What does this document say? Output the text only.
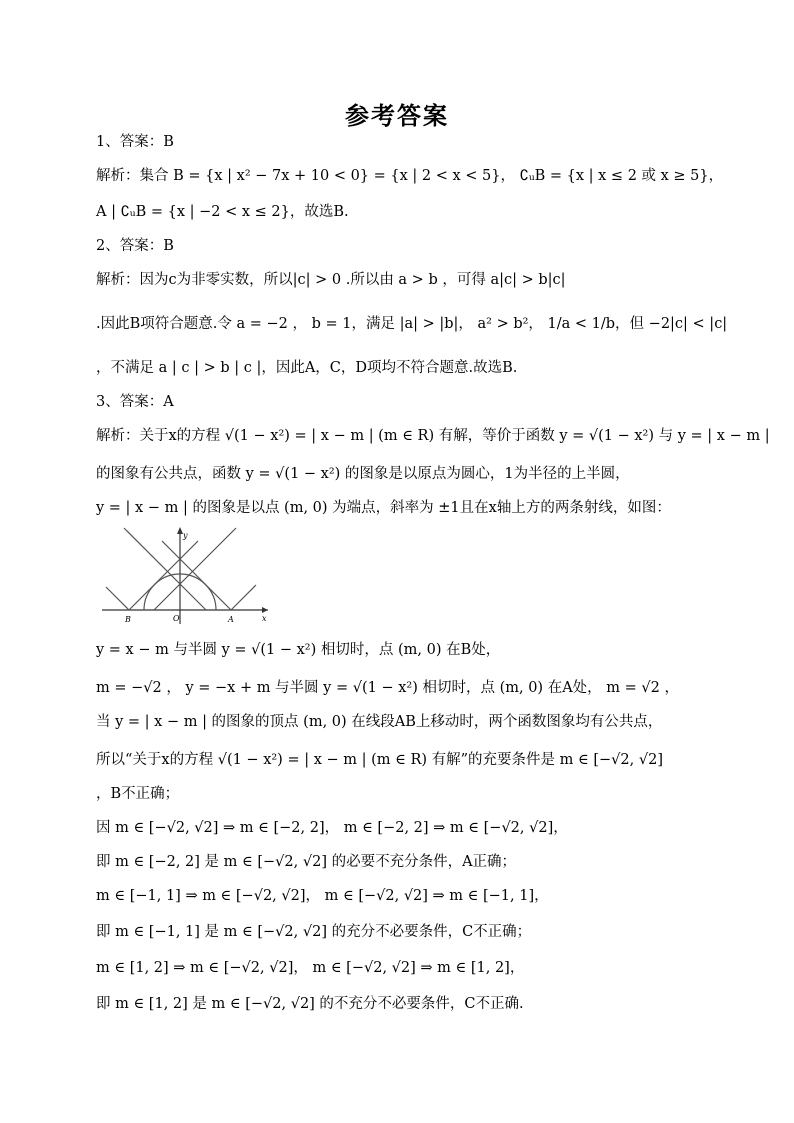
参考答案
1、答案：B
解析：集合 B = {x | x² − 7x + 10 < 0} = {x | 2 < x < 5}， ∁ᵤB = {x | x ≤ 2 或 x ≥ 5}，
A | ∁ᵤB = {x | −2 < x ≤ 2}，故选B.
2、答案：B
解析：因为c为非零实数，所以|c| > 0 .所以由 a > b ，可得 a|c| > b|c|
.因此B项符合题意.令 a = −2 ， b = 1，满足 |a| > |b|， a² > b²， 1/a < 1/b，但 −2|c| < |c|
，不满足 a | c | > b | c |，因此A，C，D项均不符合题意.故选B.
3、答案：A
解析：关于x的方程 √(1 − x²) = | x − m | (m ∈ R) 有解，等价于函数 y = √(1 − x²) 与 y = | x − m |
的图象有公共点，函数 y = √(1 − x²) 的图象是以原点为圆心，1为半径的上半圆，
y = | x − m | 的图象是以点 (m, 0) 为端点，斜率为 ±1且在x轴上方的两条射线，如图：
y
x
O
B	A
y = x − m 与半圆 y = √(1 − x²) 相切时，点 (m, 0) 在B处，
m = −√2 ， y = −x + m 与半圆 y = √(1 − x²) 相切时，点 (m, 0) 在A处， m = √2 ，
当 y = | x − m | 的图象的顶点 (m, 0) 在线段AB上移动时，两个函数图象均有公共点，
所以“关于x的方程 √(1 − x²) = | x − m | (m ∈ R) 有解”的充要条件是 m ∈ [−√2, √2]
，B不正确；
因 m ∈ [−√2, √2] ⇒ m ∈ [−2, 2]， m ∈ [−2, 2] ⇒ m ∈ [−√2, √2]，
即 m ∈ [−2, 2] 是 m ∈ [−√2, √2] 的必要不充分条件，A正确；
m ∈ [−1, 1] ⇒ m ∈ [−√2, √2]， m ∈ [−√2, √2] ⇒ m ∈ [−1, 1]，
即 m ∈ [−1, 1] 是 m ∈ [−√2, √2] 的充分不必要条件，C不正确；
m ∈ [1, 2] ⇒ m ∈ [−√2, √2]， m ∈ [−√2, √2] ⇒ m ∈ [1, 2]，
即 m ∈ [1, 2] 是 m ∈ [−√2, √2] 的不充分不必要条件，C不正确.
